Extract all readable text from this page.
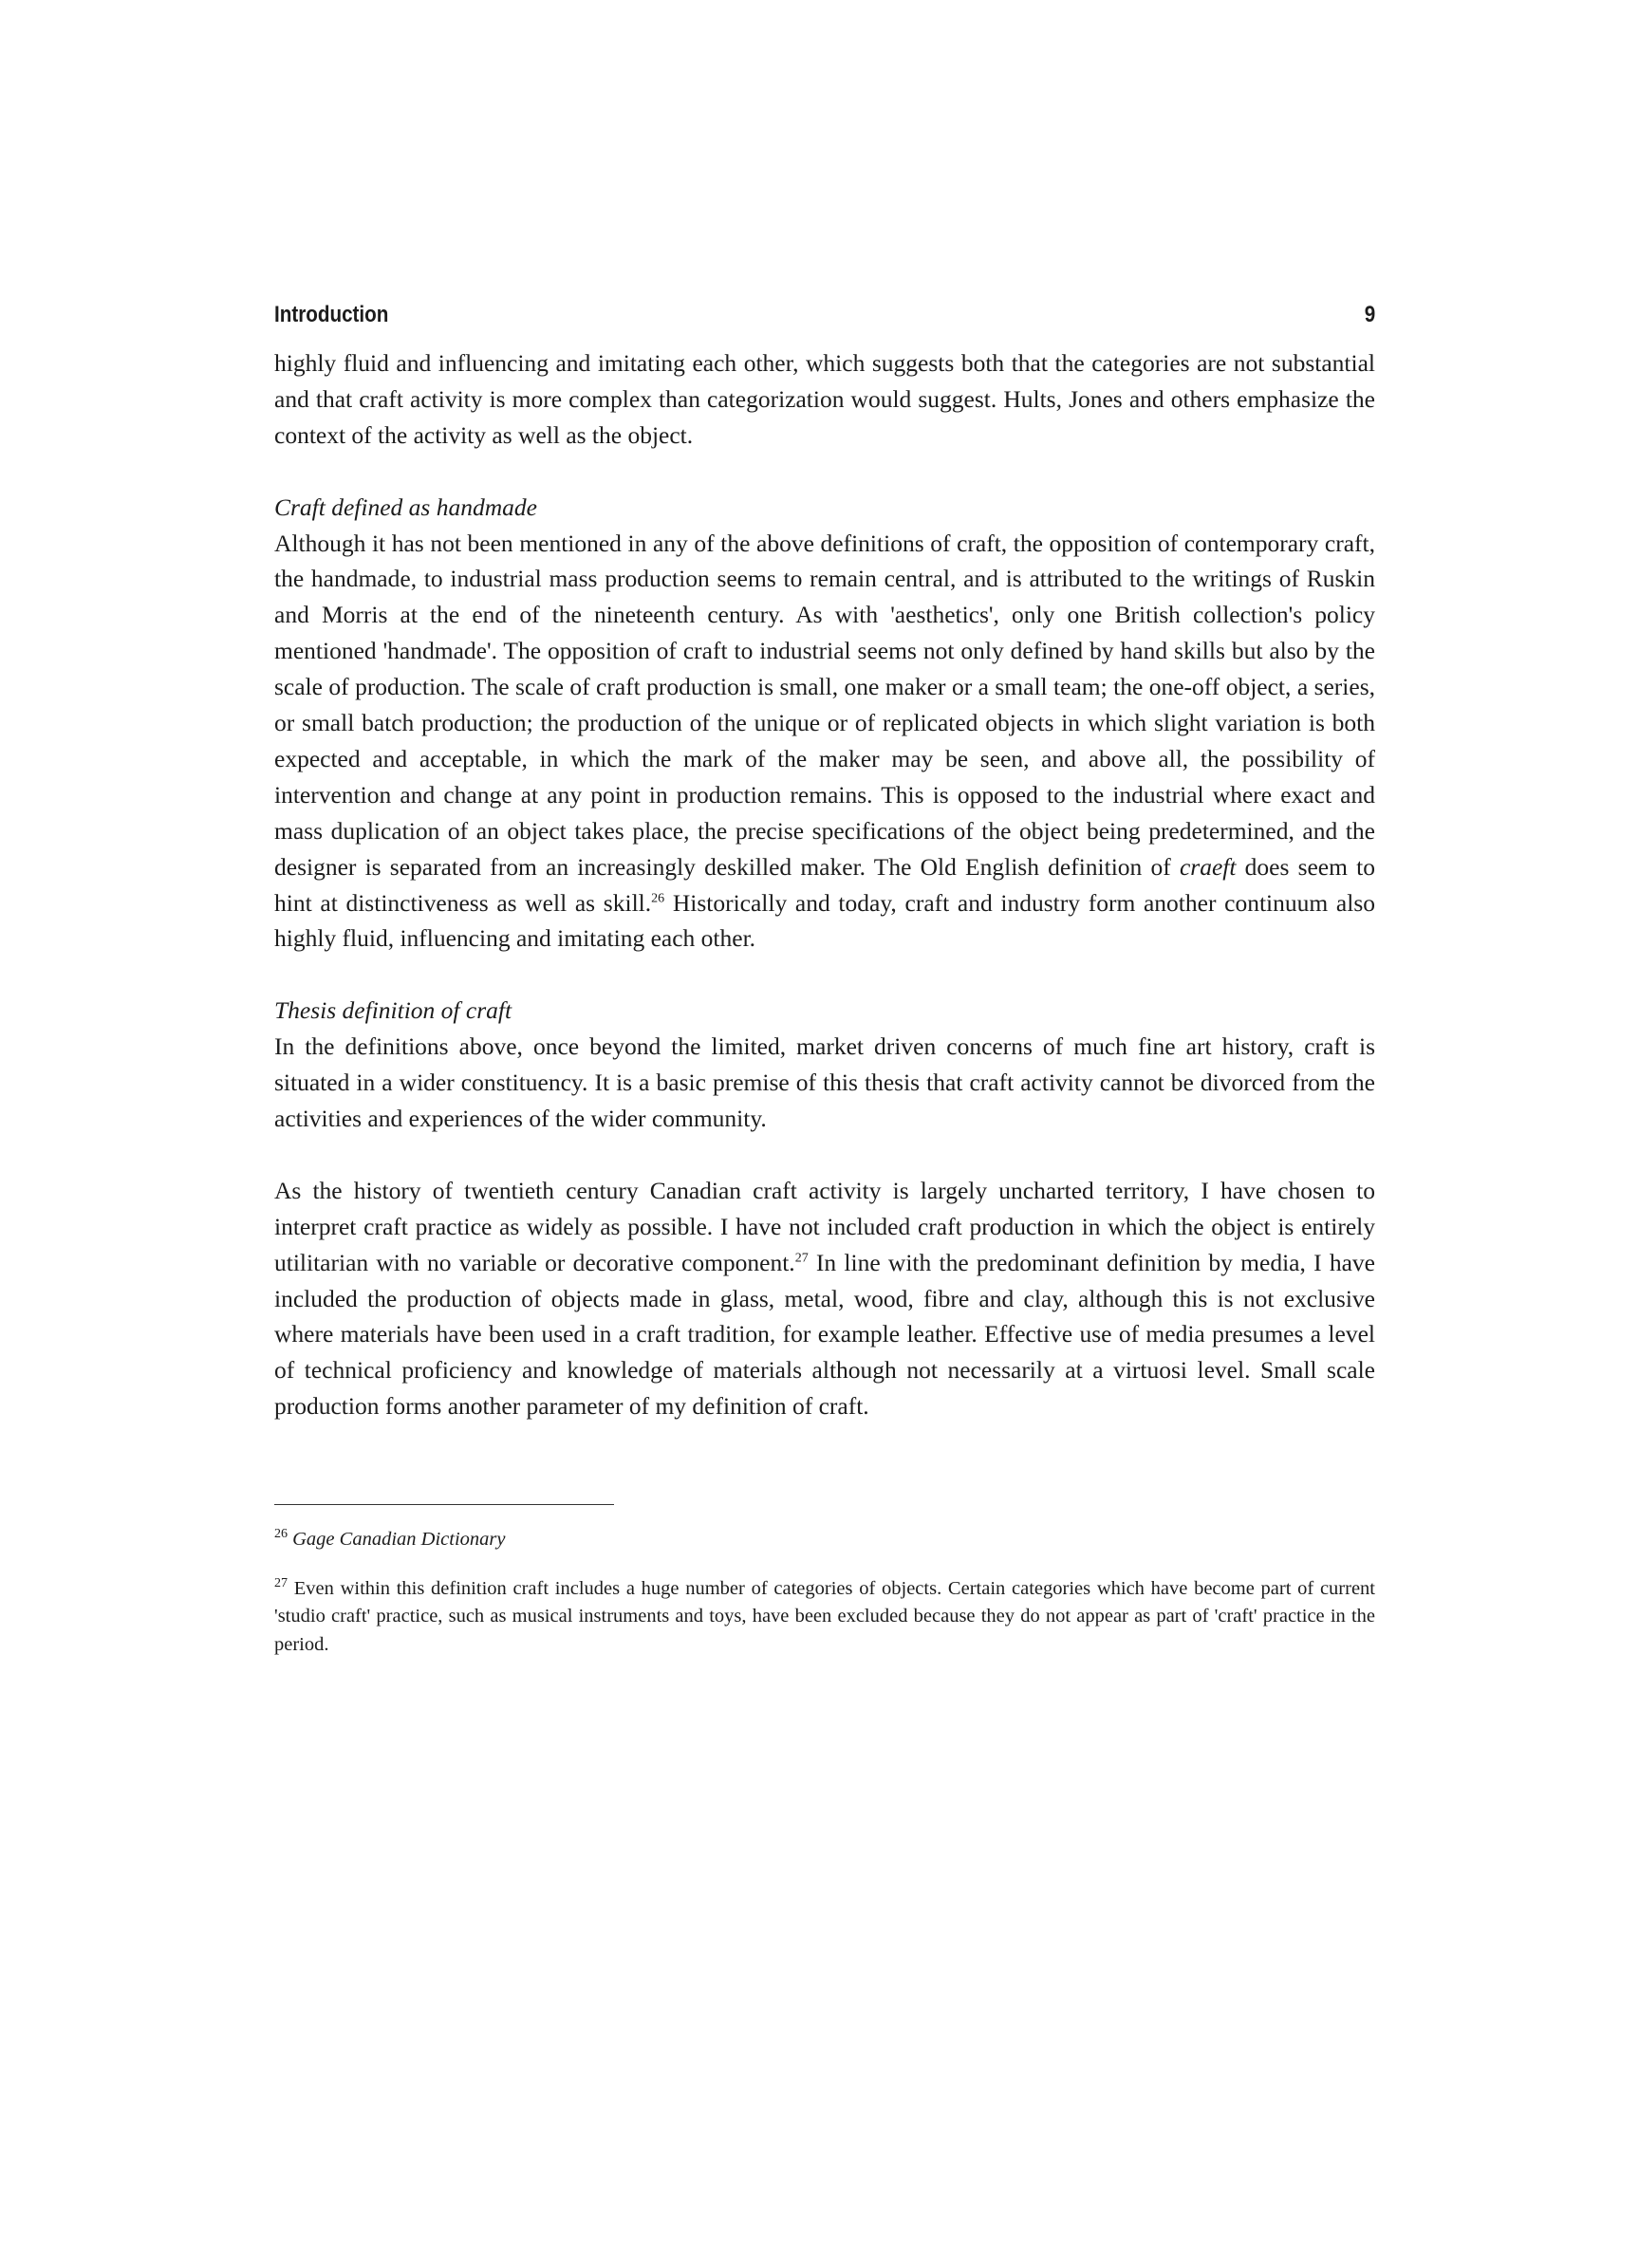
Introduction	9

highly fluid and influencing and imitating each other, which suggests both that the categories are not substantial and that craft activity is more complex than categorization would suggest. Hults, Jones and others emphasize the context of the activity as well as the object.

Craft defined as handmade

Although it has not been mentioned in any of the above definitions of craft, the opposition of contemporary craft, the handmade, to industrial mass production seems to remain central, and is attributed to the writings of Ruskin and Morris at the end of the nineteenth century. As with 'aesthetics', only one British collection's policy mentioned 'handmade'. The opposition of craft to industrial seems not only defined by hand skills but also by the scale of production. The scale of craft production is small, one maker or a small team; the one-off object, a series, or small batch production; the production of the unique or of replicated objects in which slight variation is both expected and acceptable, in which the mark of the maker may be seen, and above all, the possibility of intervention and change at any point in production remains. This is opposed to the industrial where exact and mass duplication of an object takes place, the precise specifications of the object being predetermined, and the designer is separated from an increasingly deskilled maker. The Old English definition of craeft does seem to hint at distinctiveness as well as skill.$^{26}$ Historically and today, craft and industry form another continuum also highly fluid, influencing and imitating each other.

Thesis definition of craft

In the definitions above, once beyond the limited, market driven concerns of much fine art history, craft is situated in a wider constituency. It is a basic premise of this thesis that craft activity cannot be divorced from the activities and experiences of the wider community.

As the history of twentieth century Canadian craft activity is largely uncharted territory, I have chosen to interpret craft practice as widely as possible. I have not included craft production in which the object is entirely utilitarian with no variable or decorative component.$^{27}$ In line with the predominant definition by media, I have included the production of objects made in glass, metal, wood, fibre and clay, although this is not exclusive where materials have been used in a craft tradition, for example leather. Effective use of media presumes a level of technical proficiency and knowledge of materials although not necessarily at a virtuosi level. Small scale production forms another parameter of my definition of craft.

$^{26}$ Gage Canadian Dictionary

$^{27}$ Even within this definition craft includes a huge number of categories of objects. Certain categories which have become part of current 'studio craft' practice, such as musical instruments and toys, have been excluded because they do not appear as part of 'craft' practice in the period.
